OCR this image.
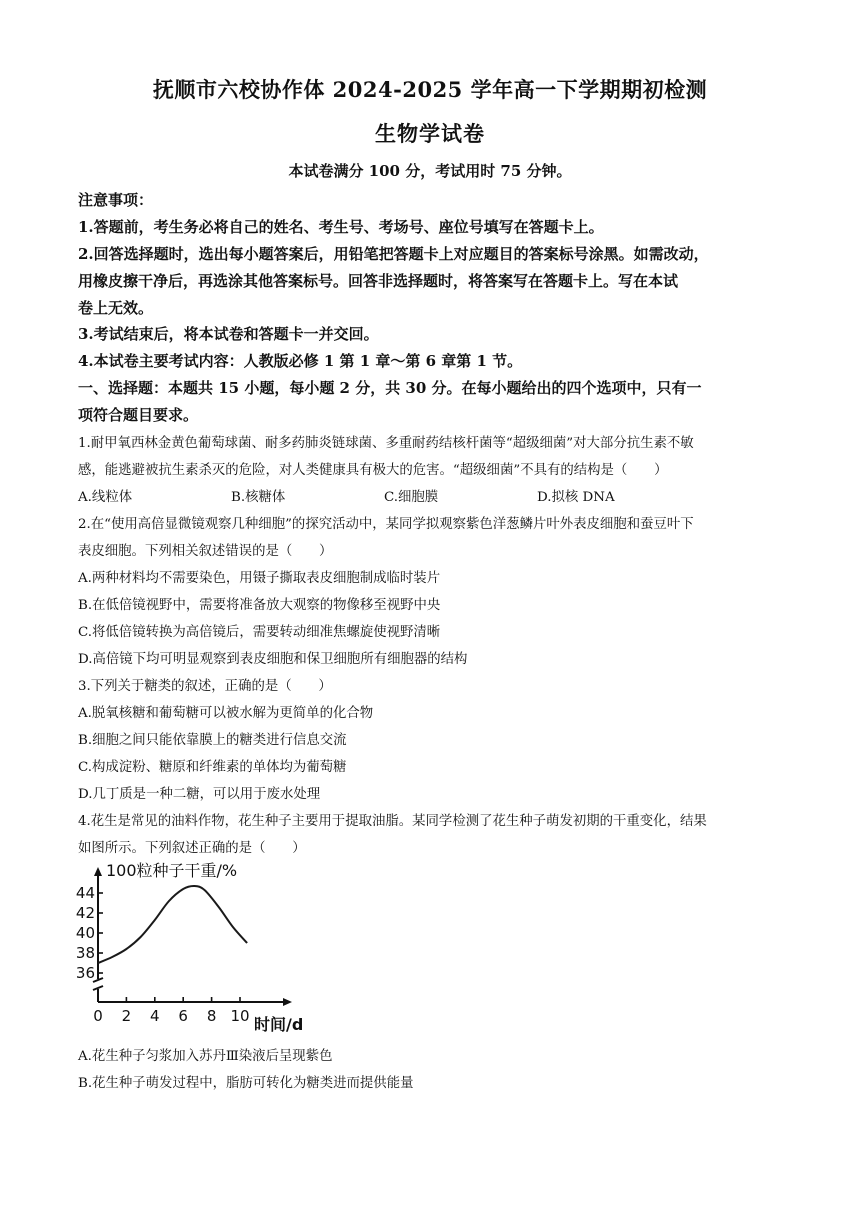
抚顺市六校协作体 2024-2025 学年高一下学期期初检测
生物学试卷
本试卷满分 100 分，考试用时 75 分钟。
注意事项：
1.答题前，考生务必将自己的姓名、考生号、考场号、座位号填写在答题卡上。
2.回答选择题时，选出每小题答案后，用铅笔把答题卡上对应题目的答案标号涂黑。如需改动，
用橡皮擦干净后，再选涂其他答案标号。回答非选择题时，将答案写在答题卡上。写在本试
卷上无效。
3.考试结束后，将本试卷和答题卡一并交回。
4.本试卷主要考试内容：人教版必修 1 第 1 章～第 6 章第 1 节。
一、选择题：本题共 15 小题，每小题 2 分，共 30 分。在每小题给出的四个选项中，只有一
项符合题目要求。
1.耐甲氧西林金黄色葡萄球菌、耐多药肺炎链球菌、多重耐药结核杆菌等“超级细菌”对大部分抗生素不敏
感，能逃避被抗生素杀灭的危险，对人类健康具有极大的危害。“超级细菌”不具有的结构是（　　）
A.线粒体	B.核糖体	C.细胞膜	D.拟核 DNA
2.在“使用高倍显微镜观察几种细胞”的探究活动中，某同学拟观察紫色洋葱鳞片叶外表皮细胞和蚕豆叶下
表皮细胞。下列相关叙述错误的是（　　）
A.两种材料均不需要染色，用镊子撕取表皮细胞制成临时装片
B.在低倍镜视野中，需要将准备放大观察的物像移至视野中央
C.将低倍镜转换为高倍镜后，需要转动细准焦螺旋使视野清晰
D.高倍镜下均可明显观察到表皮细胞和保卫细胞所有细胞器的结构
3.下列关于糖类的叙述，正确的是（　　）
A.脱氧核糖和葡萄糖可以被水解为更简单的化合物
B.细胞之间只能依靠膜上的糖类进行信息交流
C.构成淀粉、糖原和纤维素的单体均为葡萄糖
D.几丁质是一种二糖，可以用于废水处理
4.花生是常见的油料作物，花生种子主要用于提取油脂。某同学检测了花生种子萌发初期的干重变化，结果
如图所示。下列叙述正确的是（　　）
0 2 4 6 8 10
36
38
40
42
44
100粒种子干重/%
时间/d
A.花生种子匀浆加入苏丹Ⅲ染液后呈现紫色
B.花生种子萌发过程中，脂肪可转化为糖类进而提供能量
